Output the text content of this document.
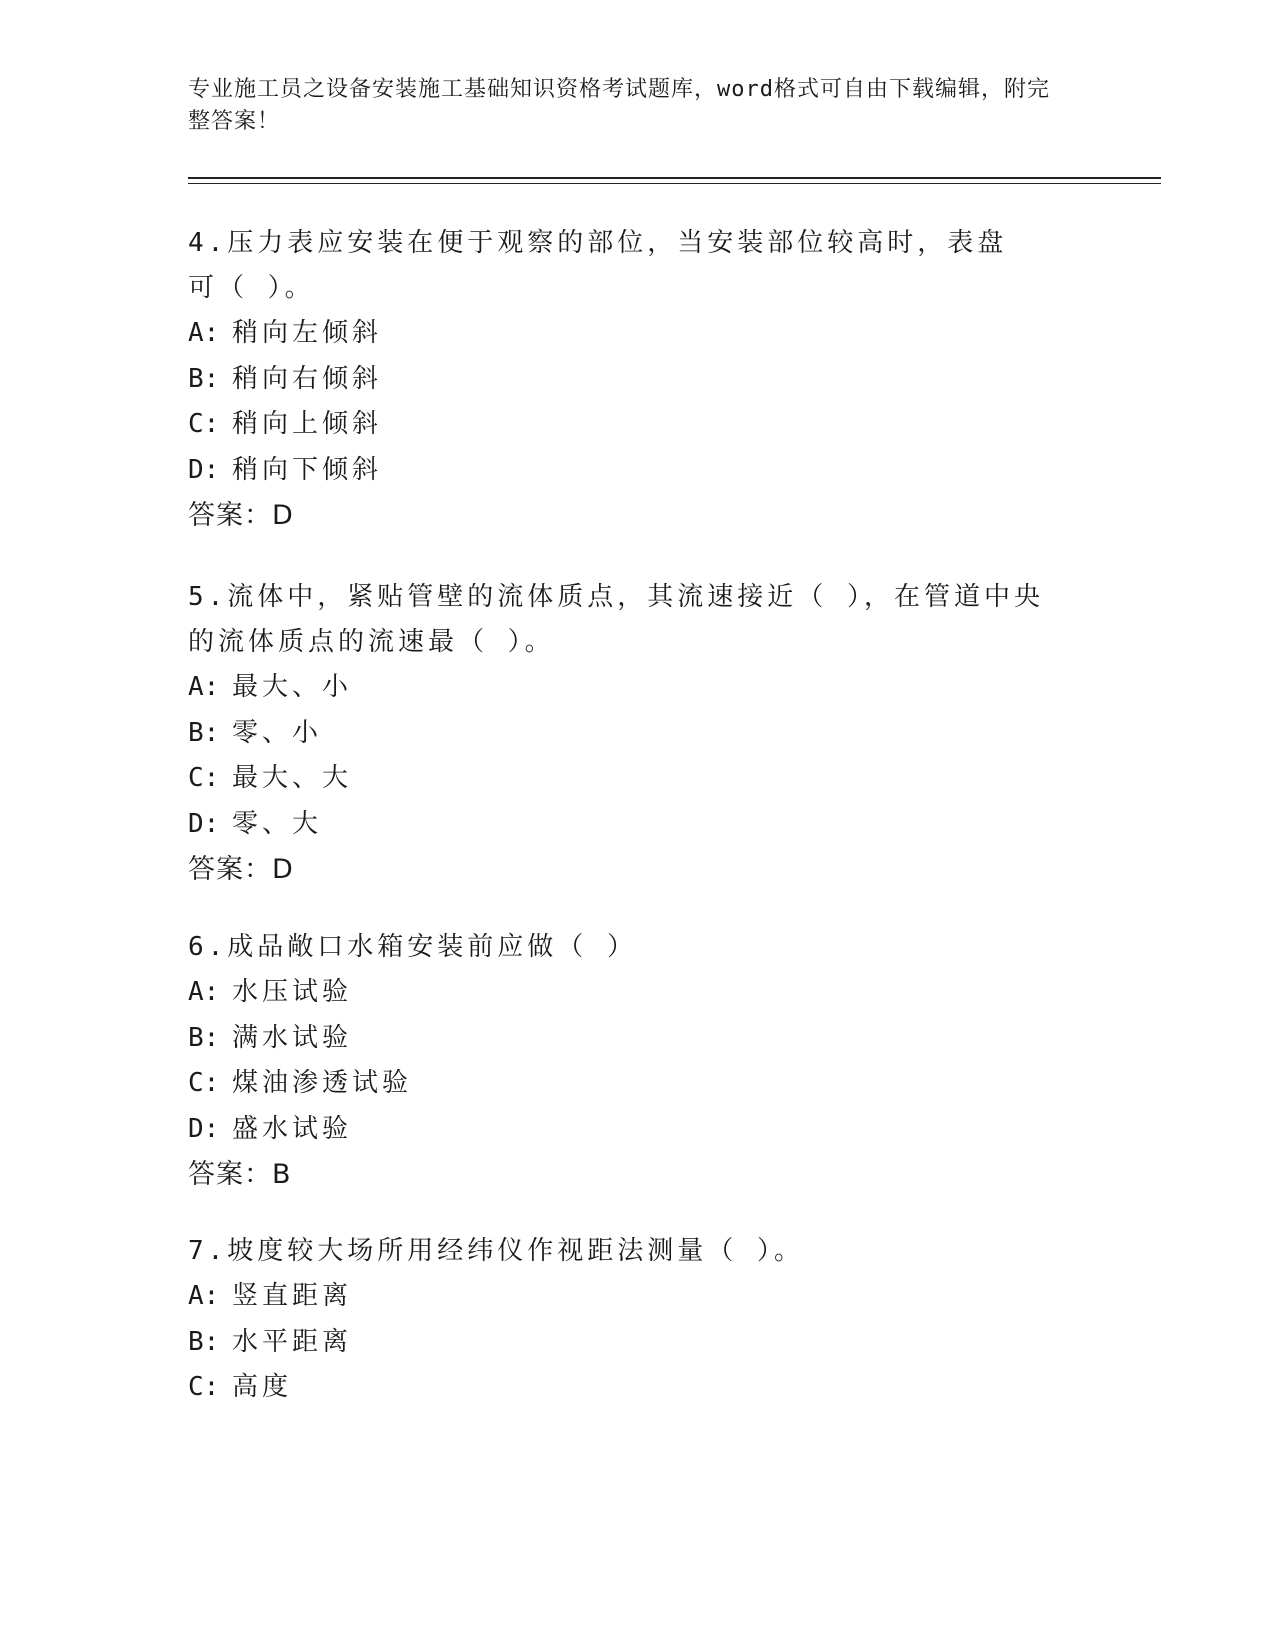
专业施工员之设备安装施工基础知识资格考试题库，word格式可自由下载编辑，附完整答案！
4.压力表应安装在便于观察的部位，当安装部位较高时，表盘可（ ）。
A: 稍向左倾斜
B: 稍向右倾斜
C: 稍向上倾斜
D: 稍向下倾斜
答案：D
5.流体中，紧贴管壁的流体质点，其流速接近（ ），在管道中央的流体质点的流速最（ ）。
A: 最大、小
B: 零、小
C: 最大、大
D: 零、大
答案：D
6.成品敞口水箱安装前应做（ ）
A: 水压试验
B: 满水试验
C: 煤油渗透试验
D: 盛水试验
答案：B
7.坡度较大场所用经纬仪作视距法测量（ ）。
A: 竖直距离
B: 水平距离
C: 高度
